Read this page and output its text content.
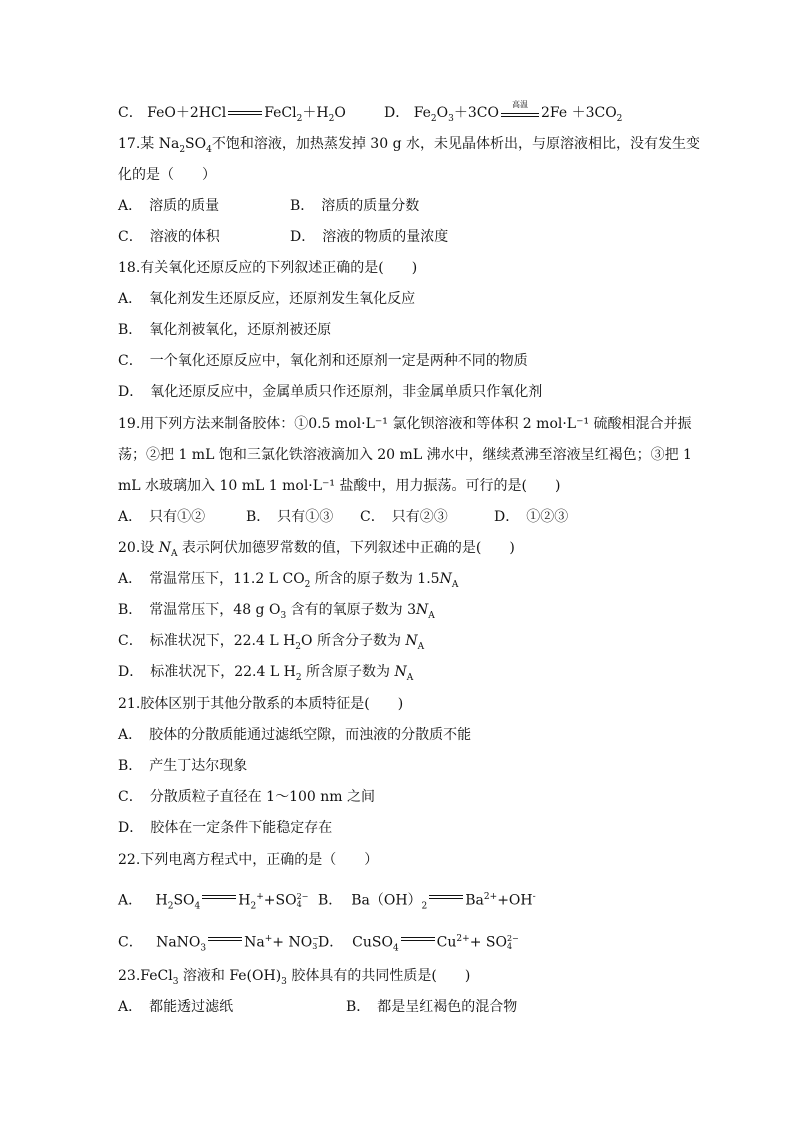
C． FeO＋2HCl	$FeCl_2+H_2O$	D． $Fe_2O_3+3CO$
高温
$2Fe +3CO_2$
17.某 $Na_2SO_4$不饱和溶液，加热蒸发掉 30 g 水，未见晶体析出，与原溶液相比，没有发生变
化的是（　　）
A．　溶质的质量	B．　溶质的质量分数
C．　溶液的体积	D．　溶液的物质的量浓度
18.有关氧化还原反应的下列叙述正确的是(　　)
A．　氧化剂发生还原反应，还原剂发生氧化反应
B．　氧化剂被氧化，还原剂被还原
C．　一个氧化还原反应中，氧化剂和还原剂一定是两种不同的物质
D．　氧化还原反应中，金属单质只作还原剂，非金属单质只作氧化剂
19.用下列方法来制备胶体：①0.5 mol·L⁻¹ 氯化钡溶液和等体积 2 mol·L⁻¹ 硫酸相混合并振
荡；②把 1 mL 饱和三氯化铁溶液滴加入 20 mL 沸水中，继续煮沸至溶液呈红褐色；③把 1
mL 水玻璃加入 10 mL 1 mol·L⁻¹ 盐酸中，用力振荡。可行的是(　　)
A．　只有①②	B．　只有①③ C．　只有②③	D．　①②③
20.设 $N_A$ 表示阿伏加德罗常数的值，下列叙述中正确的是(　　)
A．　常温常压下，11.2 L $CO_2$ 所含的原子数为 $1.5N_A$
B．　常温常压下，48 g $O_3$ 含有的氧原子数为 $3N_A$
C．　标准状况下，22.4 L $H_2O$ 所含分子数为 $N_A$
D．　标准状况下，22.4 L $H_2$ 所含原子数为 $N_A$
21.胶体区别于其他分散系的本质特征是(　　)
A．　胶体的分散质能通过滤纸空隙，而浊液的分散质不能
B．　产生丁达尔现象
C．　分散质粒子直径在 1～100 nm 之间
D．　胶体在一定条件下能稳定存在
22.下列电离方程式中，正确的是（　　）
A． $H_2SO_4$	$H_2^++SO2-$
4	B． $Ba(OH)_2$	$Ba^{2+}+OH^-$
C． NaNO$_3$	Na++ NO−
3 D． CuSO$_4$	$Cu^{2+}+ SO2-$
4
23.FeCl$_3$ 溶液和 $Fe(OH)_3$ 胶体具有的共同性质是(　　)
A．　都能透过滤纸	B．　都是呈红褐色的混合物
